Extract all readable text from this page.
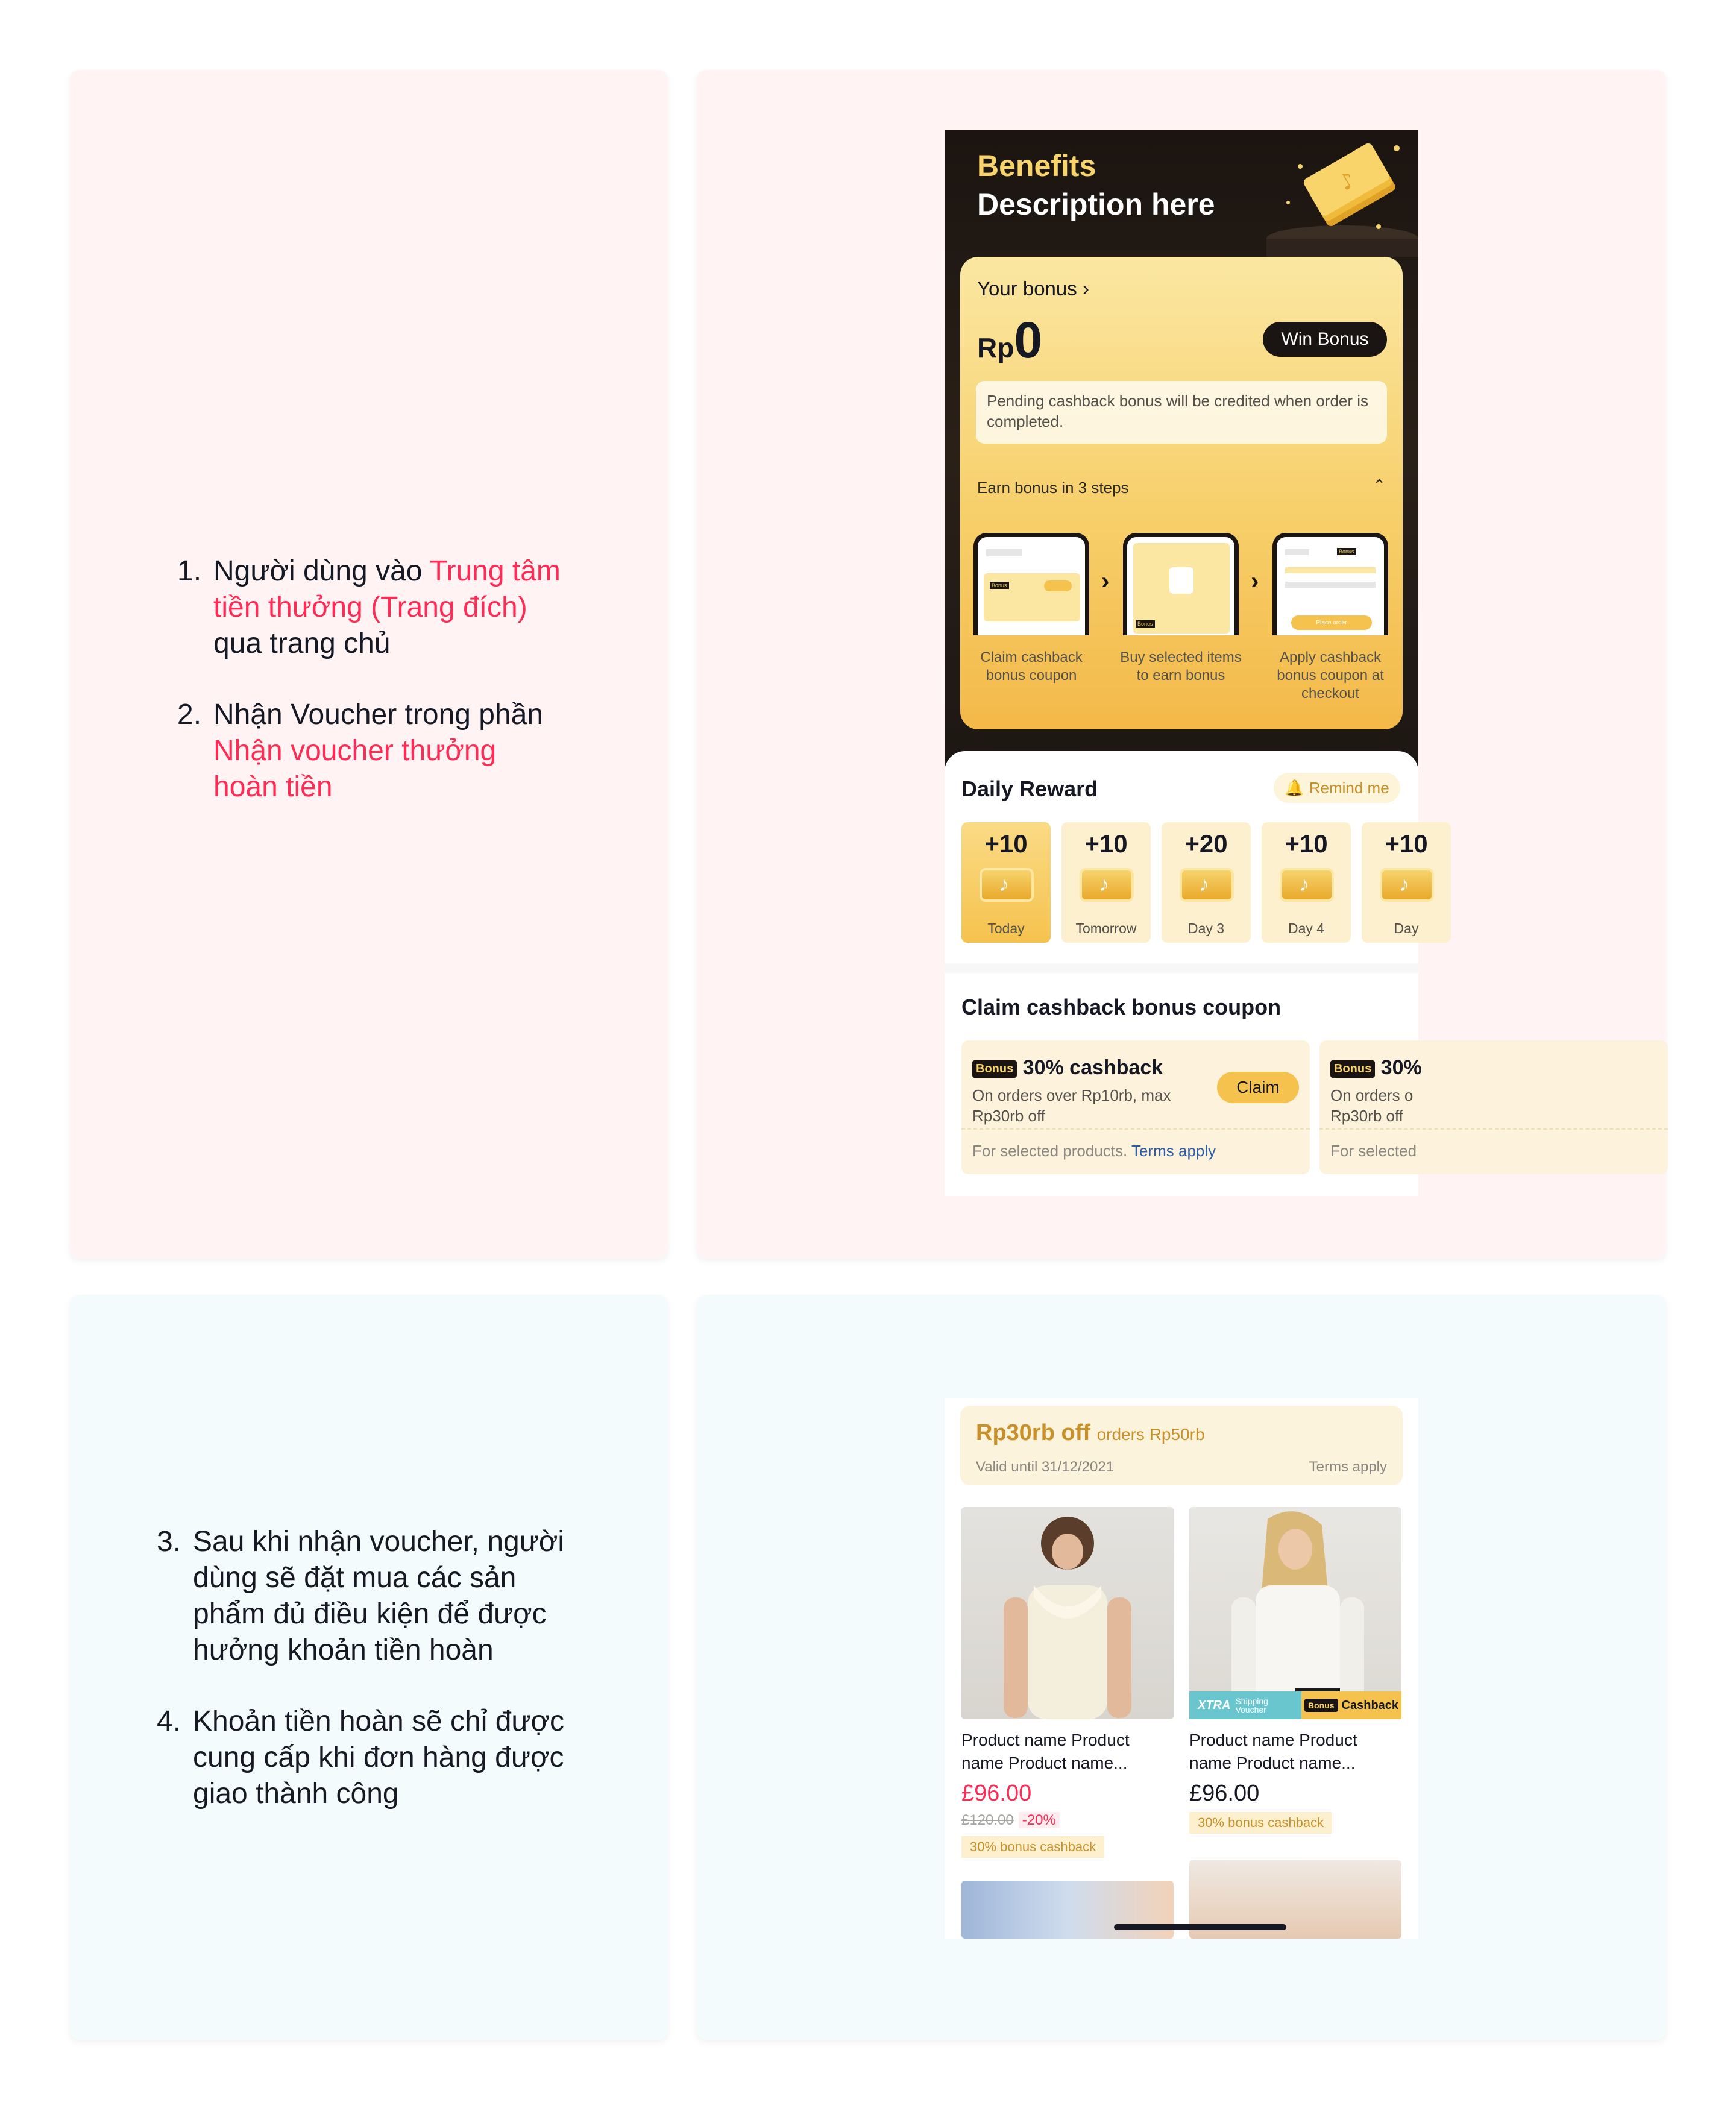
1. Người dùng vào Trung tâm tiền thưởng (Trang đích) qua trang chủ
2. Nhận Voucher trong phần Nhận voucher thưởng hoàn tiền
3. Sau khi nhận voucher, người dùng sẽ đặt mua các sản phẩm đủ điều kiện để được hưởng khoản tiền hoàn
4. Khoản tiền hoàn sẽ chỉ được cung cấp khi đơn hàng được giao thành công
Benefits
Description here
♪
Your bonus ›
Rp0	Win Bonus
Pending cashback bonus will be credited when order is completed.
Earn bonus in 3 steps	⌃
Bonus	›
Bonus
›
Bonus
Place order
Claim cashback bonus coupon
Buy selected items to earn bonus
Apply cashback bonus coupon at checkout
Daily Reward	🔔 Remind me
+10
♪
Today
+10
♪
Tomorrow
+20
♪
Day 3
+10
♪
Day 4
+10
♪
Day
Claim cashback bonus coupon
Bonus 30% cashback
On orders over Rp10rb, max Rp30rb off
Claim
For selected products. Terms apply
Bonus 30%
On orders o
Rp30rb off
For selected
Rp30rb off orders Rp50rb
Valid until 31/12/2021	Terms apply
Product name Product name Product name...
£96.00
£120.00 -20%
30% bonus cashback
XTRA Shipping Voucher	Bonus Cashback
Product name Product name Product name...
£96.00
30% bonus cashback
